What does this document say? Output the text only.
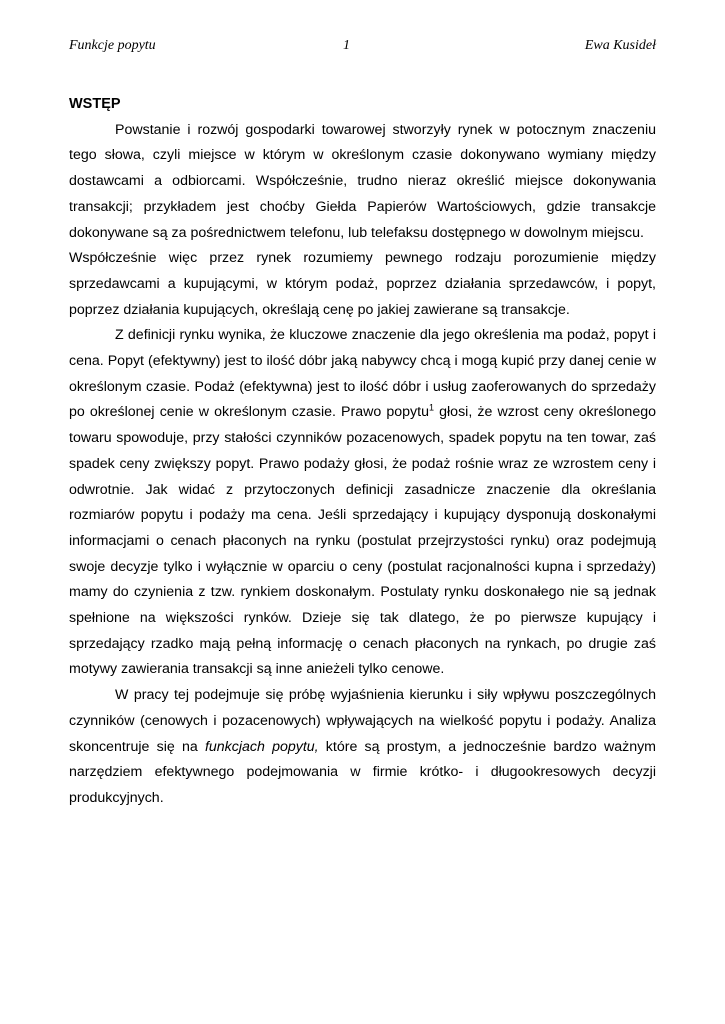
Funkcje popytu	1	Ewa Kusideł

WSTĘP

Powstanie i rozwój gospodarki towarowej stworzyły rynek w potocznym znaczeniu tego słowa, czyli miejsce w którym w określonym czasie dokonywano wymiany między dostawcami a odbiorcami. Współcześnie, trudno nieraz określić miejsce dokonywania transakcji; przykładem jest choćby Giełda Papierów Wartościowych, gdzie transakcje dokonywane są za pośrednictwem telefonu, lub telefaksu dostępnego w dowolnym miejscu.

Współcześnie więc przez rynek rozumiemy pewnego rodzaju porozumienie między sprzedawcami a kupującymi, w którym podaż, poprzez działania sprzedawców, i popyt, poprzez działania kupujących, określają cenę po jakiej zawierane są transakcje.

Z definicji rynku wynika, że kluczowe znaczenie dla jego określenia ma podaż, popyt i cena. Popyt (efektywny) jest to ilość dóbr jaką nabywcy chcą i mogą kupić przy danej cenie w określonym czasie. Podaż (efektywna) jest to ilość dóbr i usług zaoferowanych do sprzedaży po określonej cenie w określonym czasie. Prawo popytu$^1$ głosi, że wzrost ceny określonego towaru spowoduje, przy stałości czynników pozacenowych, spadek popytu na ten towar, zaś spadek ceny zwiększy popyt. Prawo podaży głosi, że podaż rośnie wraz ze wzrostem ceny i odwrotnie. Jak widać z przytoczonych definicji zasadnicze znaczenie dla określania rozmiarów popytu i podaży ma cena. Jeśli sprzedający i kupujący dysponują doskonałymi informacjami o cenach płaconych na rynku (postulat przejrzystości rynku) oraz podejmują swoje decyzje tylko i wyłącznie w oparciu o ceny (postulat racjonalności kupna i sprzedaży) mamy do czynienia z tzw. rynkiem doskonałym. Postulaty rynku doskonałego nie są jednak spełnione na większości rynków. Dzieje się tak dlatego, że po pierwsze kupujący i sprzedający rzadko mają pełną informację o cenach płaconych na rynkach, po drugie zaś motywy zawierania transakcji są inne anieżeli tylko cenowe.

W pracy tej podejmuje się próbę wyjaśnienia kierunku i siły wpływu poszczególnych czynników (cenowych i pozacenowych) wpływających na wielkość popytu i podaży. Analiza skoncentruje się na funkcjach popytu, które są prostym, a jednocześnie bardzo ważnym narzędziem efektywnego podejmowania w firmie krótko- i długookresowych decyzji produkcyjnych.
